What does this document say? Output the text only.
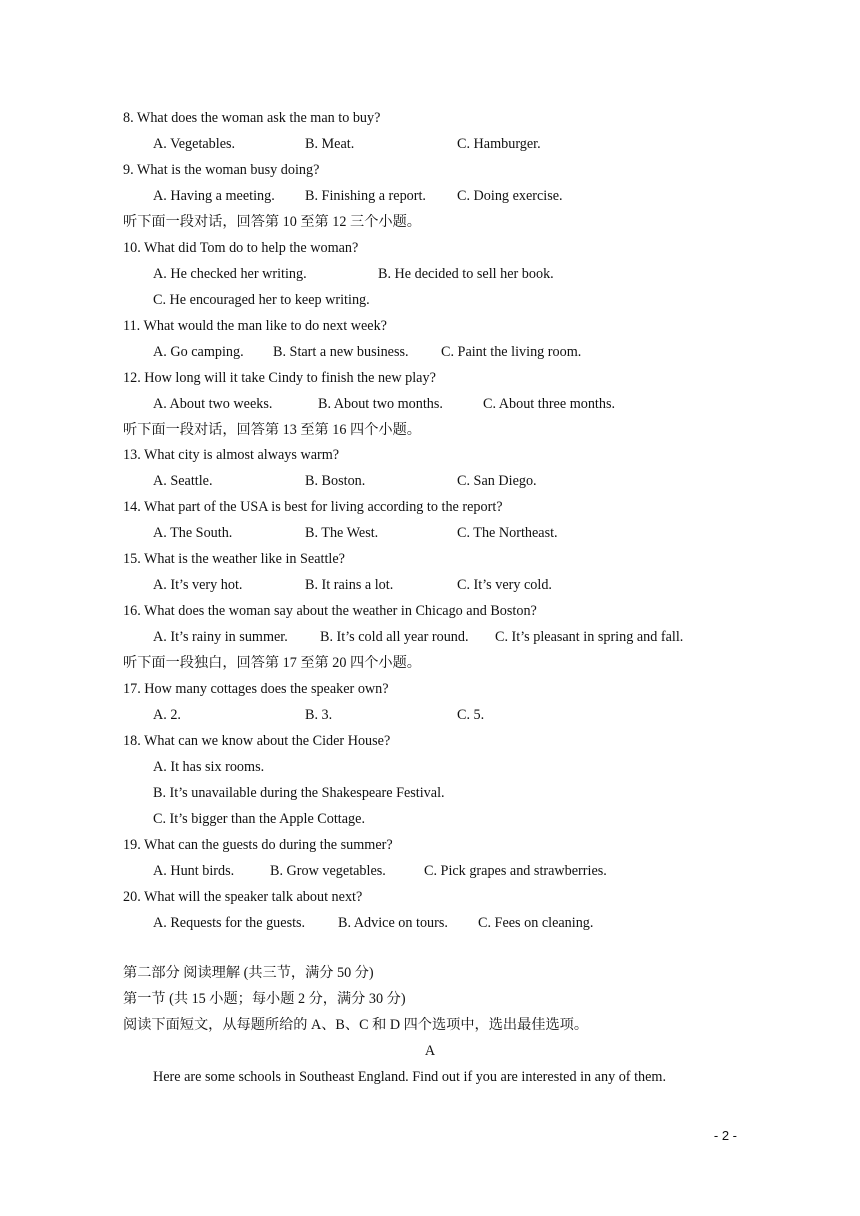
8. What does the woman ask the man to buy?
A. Vegetables.	B. Meat.	C. Hamburger.
9. What is the woman busy doing?
A. Having a meeting. B. Finishing a report. C. Doing exercise.
听下面一段对话，回答第 10 至第 12 三个小题。
10. What did Tom do to help the woman?
A. He checked her writing.	B. He decided to sell her book.
C. He encouraged her to keep writing.
11. What would the man like to do next week?
A. Go camping. B. Start a new business. C. Paint the living room.
12. How long will it take Cindy to finish the new play?
A. About two weeks.	B. About two months.	C. About three months.
听下面一段对话，回答第 13 至第 16 四个小题。
13. What city is almost always warm?
A. Seattle.	B. Boston.	C. San Diego.
14. What part of the USA is best for living according to the report?
A. The South.	B. The West.	C. The Northeast.
15. What is the weather like in Seattle?
A. It’s very hot.	B. It rains a lot.	C. It’s very cold.
16. What does the woman say about the weather in Chicago and Boston?
A. It’s rainy in summer. B. It’s cold all year round. C. It’s pleasant in spring and fall.
听下面一段独白，回答第 17 至第 20 四个小题。
17. How many cottages does the speaker own?
A. 2.	B. 3.	C. 5.
18. What can we know about the Cider House?
A. It has six rooms.
B. It’s unavailable during the Shakespeare Festival.
C. It’s bigger than the Apple Cottage.
19. What can the guests do during the summer?
A. Hunt birds.	B. Grow vegetables.	C. Pick grapes and strawberries.
20. What will the speaker talk about next?
A. Requests for the guests. B. Advice on tours. C. Fees on cleaning.
第二部分 阅读理解 (共三节，满分 50 分)
第一节 (共 15 小题；每小题 2 分，满分 30 分)
阅读下面短文，从每题所给的 A、B、C 和 D 四个选项中，选出最佳选项。
A
Here are some schools in Southeast England. Find out if you are interested in any of them.
- 2 -
